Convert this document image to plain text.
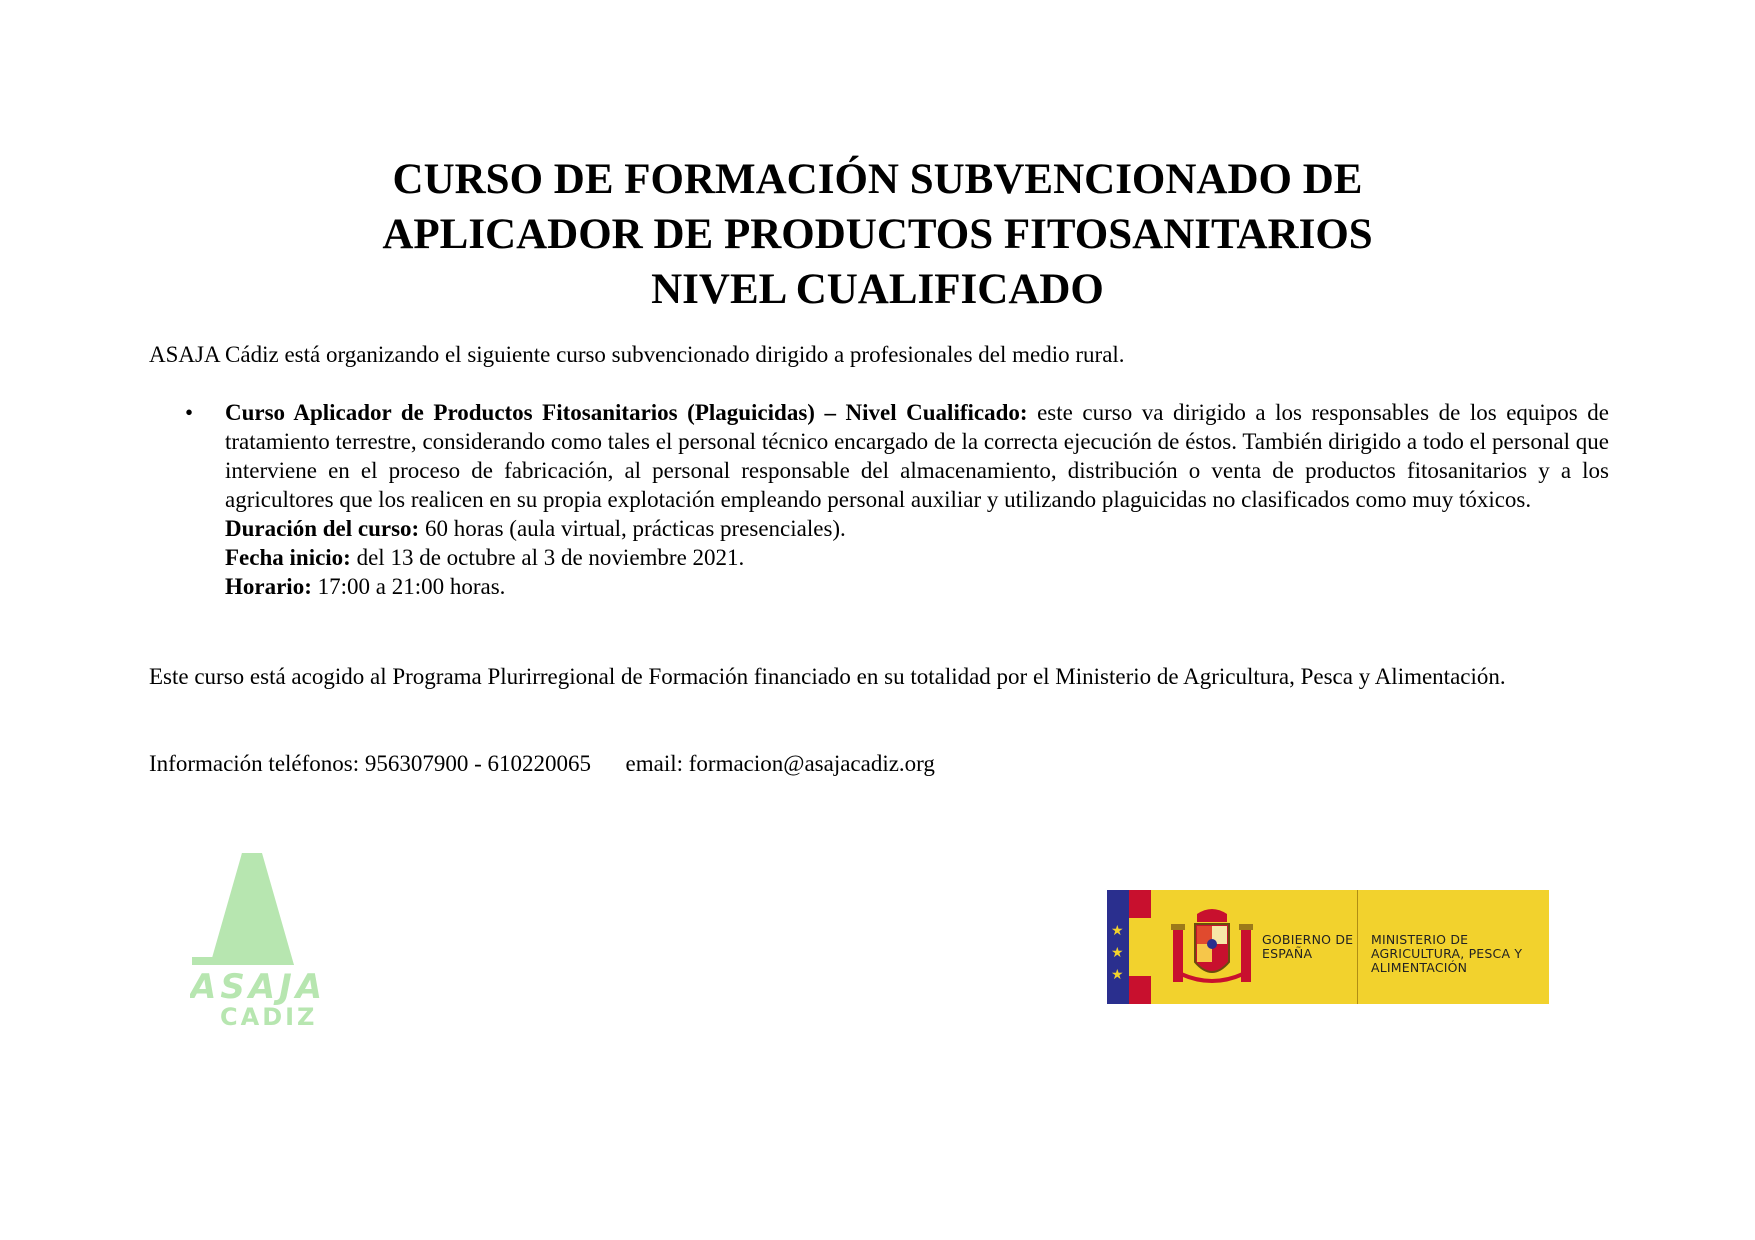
CURSO DE FORMACIÓN SUBVENCIONADO DE
APLICADOR DE PRODUCTOS FITOSANITARIOS
NIVEL CUALIFICADO
ASAJA Cádiz está organizando el siguiente curso subvencionado dirigido a profesionales del medio rural.
•	Curso Aplicador de Productos Fitosanitarios (Plaguicidas) – Nivel Cualificado: este curso va dirigido a los responsables de los equipos de tratamiento terrestre, considerando como tales el personal técnico encargado de la correcta ejecución de éstos. También dirigido a todo el personal que interviene en el proceso de fabricación, al personal responsable del almacenamiento, distribución o venta de productos fitosanitarios y a los agricultores que los realicen en su propia explotación empleando personal auxiliar y utilizando plaguicidas no clasificados como muy tóxicos.
Duración del curso: 60 horas (aula virtual, prácticas presenciales).
Fecha inicio: del 13 de octubre al 3 de noviembre 2021.
Horario: 17:00 a 21:00 horas.
Este curso está acogido al Programa Plurirregional de Formación financiado en su totalidad por el Ministerio de Agricultura, Pesca y Alimentación.
Información teléfonos: 956307900 - 610220065 email: formacion@asajacadiz.org
ASAJA
CADIZ
★
★
★
GOBIERNO DE ESPAÑA
MINISTERIO DE AGRICULTURA, PESCA Y ALIMENTACIÓN
